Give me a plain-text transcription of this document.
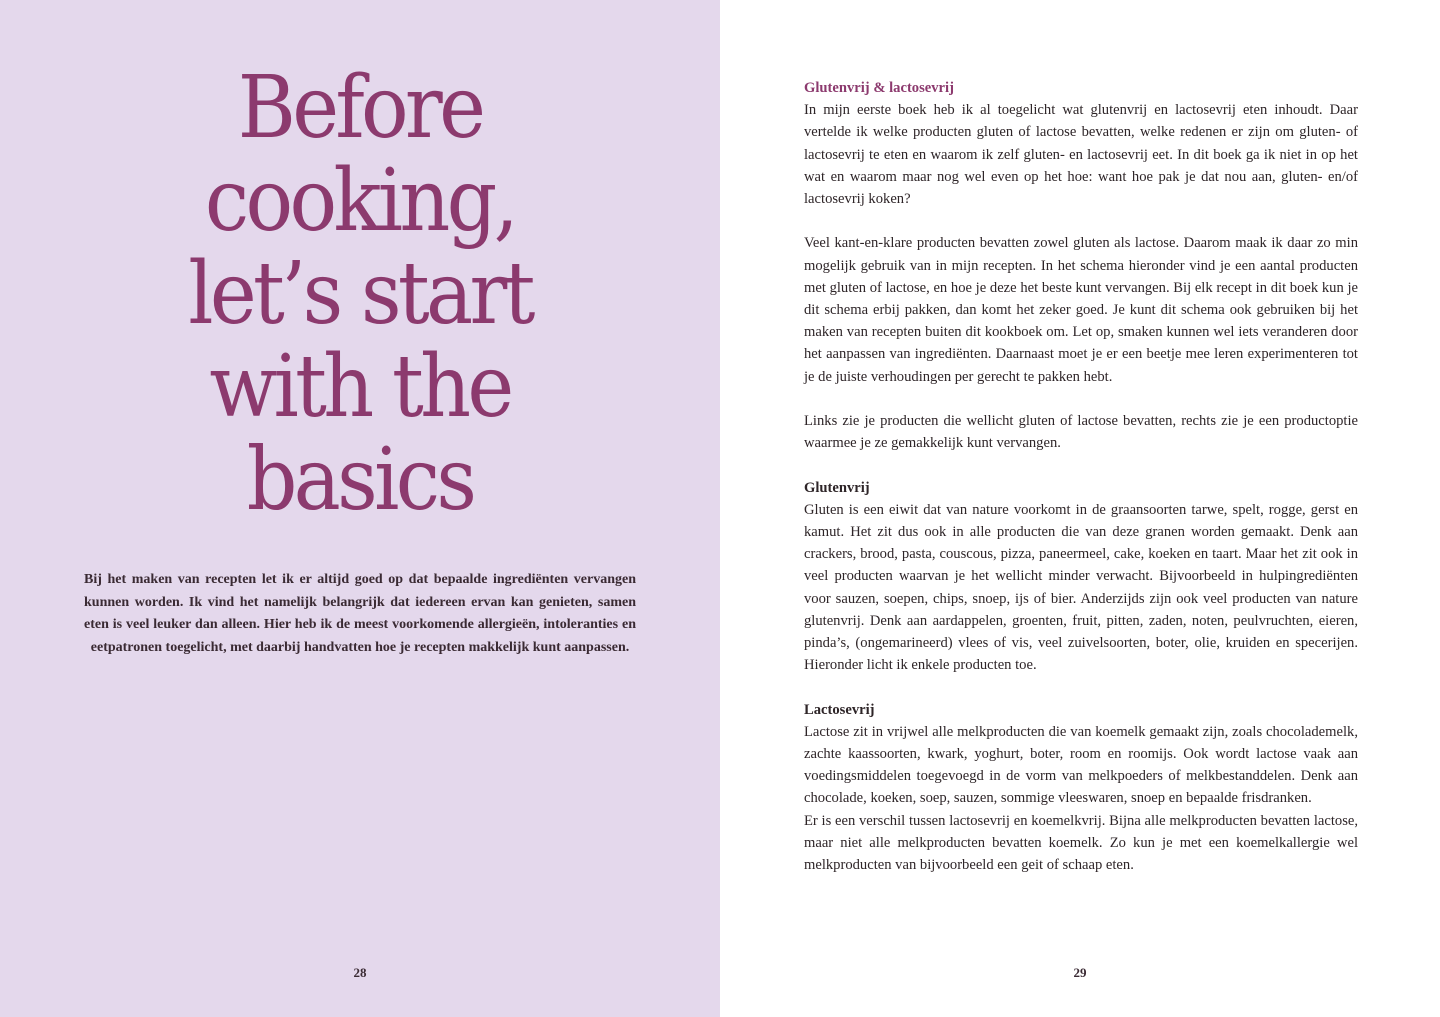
Before
cooking,
let’s start
with the
basics

Bij het maken van recepten let ik er altijd goed op dat bepaalde ingrediënten vervangen kunnen worden. Ik vind het namelijk belangrijk dat iedereen ervan kan genieten, samen eten is veel leuker dan alleen. Hier heb ik de meest voorkomende allergieën, intoleranties en eetpatronen toegelicht, met daarbij handvatten hoe je recepten makkelijk kunt aanpassen.

28
Glutenvrij & lactosevrij

In mijn eerste boek heb ik al toegelicht wat glutenvrij en lactosevrij eten inhoudt. Daar vertelde ik welke producten gluten of lactose bevatten, welke redenen er zijn om gluten- of lactosevrij te eten en waarom ik zelf gluten- en lactosevrij eet. In dit boek ga ik niet in op het wat en waarom maar nog wel even op het hoe: want hoe pak je dat nou aan, gluten- en/of lactosevrij koken?

Veel kant-en-klare producten bevatten zowel gluten als lactose. Daarom maak ik daar zo min mogelijk gebruik van in mijn recepten. In het schema hieronder vind je een aantal producten met gluten of lactose, en hoe je deze het beste kunt vervangen. Bij elk recept in dit boek kun je dit schema erbij pakken, dan komt het zeker goed. Je kunt dit schema ook gebruiken bij het maken van recepten buiten dit kookboek om. Let op, smaken kunnen wel iets veranderen door het aanpassen van ingrediënten. Daarnaast moet je er een beetje mee leren experimenteren tot je de juiste verhoudingen per gerecht te pakken hebt.

Links zie je producten die wellicht gluten of lactose bevatten, rechts zie je een productoptie waarmee je ze gemakkelijk kunt vervangen.

Glutenvrij

Gluten is een eiwit dat van nature voorkomt in de graansoorten tarwe, spelt, rogge, gerst en kamut. Het zit dus ook in alle producten die van deze granen worden gemaakt. Denk aan crackers, brood, pasta, couscous, pizza, paneermeel, cake, koeken en taart. Maar het zit ook in veel producten waarvan je het wellicht minder verwacht. Bijvoorbeeld in hulpingrediënten voor sauzen, soepen, chips, snoep, ijs of bier. Anderzijds zijn ook veel producten van nature glutenvrij. Denk aan aardappelen, groenten, fruit, pitten, zaden, noten, peulvruchten, eieren, pinda’s, (ongemarineerd) vlees of vis, veel zuivelsoorten, boter, olie, kruiden en specerijen. Hieronder licht ik enkele producten toe.

Lactosevrij

Lactose zit in vrijwel alle melkproducten die van koemelk gemaakt zijn, zoals chocolademelk, zachte kaassoorten, kwark, yoghurt, boter, room en roomijs. Ook wordt lactose vaak aan voedingsmiddelen toegevoegd in de vorm van melkpoeders of melkbestanddelen. Denk aan chocolade, koeken, soep, sauzen, sommige vleeswaren, snoep en bepaalde frisdranken.

Er is een verschil tussen lactosevrij en koemelkvrij. Bijna alle melkproducten bevatten lactose, maar niet alle melkproducten bevatten koemelk. Zo kun je met een koemelkallergie wel melkproducten van bijvoorbeeld een geit of schaap eten.

29
